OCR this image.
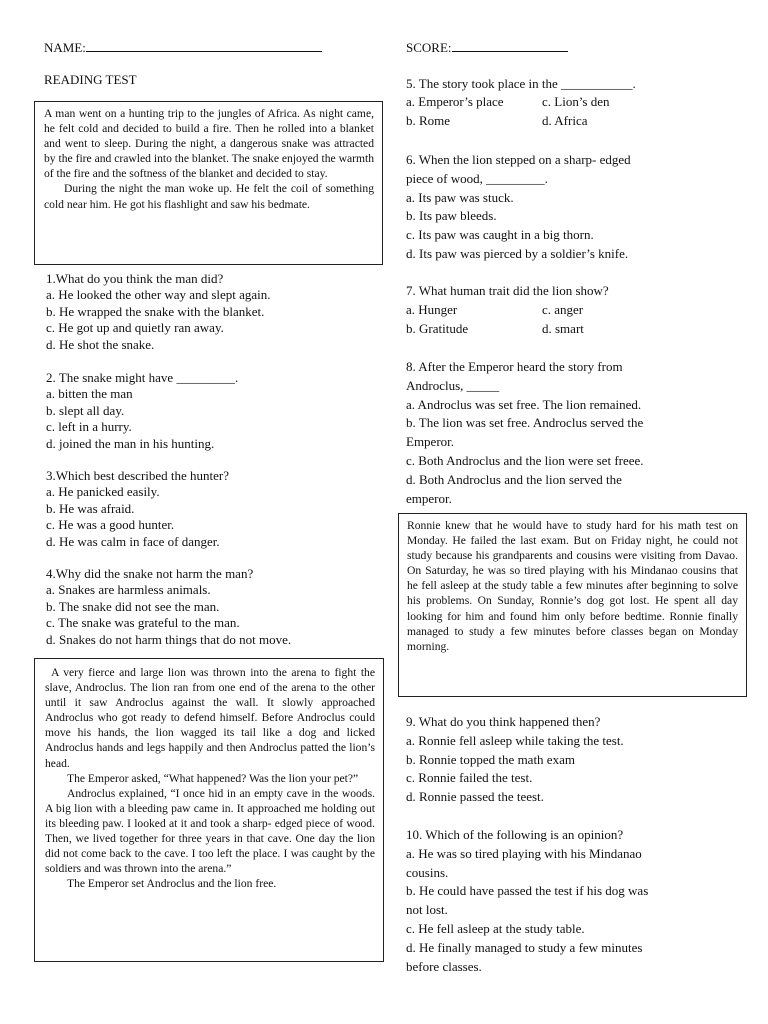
NAME:	SCORE:
READING TEST

A man went on a hunting trip to the jungles of Africa. As night came, he felt cold and decided to build a fire. Then he rolled into a blanket and went to sleep. During the night, a dangerous snake was attracted by the fire and crawled into the blanket. The snake enjoyed the warmth of the fire and the softness of the blanket and decided to stay.

During the night the man woke up. He felt the coil of something cold near him. He got his flashlight and saw his bedmate.

1.What do you think the man did?
a. He looked the other way and slept again.
b. He wrapped the snake with the blanket.
c. He got up and quietly ran away.
d. He shot the snake.
2. The snake might have _________.
a. bitten the man
b. slept all day.
c. left in a hurry.
d. joined the man in his hunting.
3.Which best described the hunter?
a. He panicked easily.
b. He was afraid.
c. He was a good hunter.
d. He was calm in face of danger.
4.Why did the snake not harm the man?
a. Snakes are harmless animals.
b. The snake did not see the man.
c. The snake was grateful to the man.
d. Snakes do not harm things that do not move.

A very fierce and large lion was thrown into the arena to fight the slave, Androclus. The lion ran from one end of the arena to the other until it saw Androclus against the wall. It slowly approached Androclus who got ready to defend himself. Before Androclus could move his hands, the lion wagged its tail like a dog and licked Androclus hands and legs happily and then Androclus patted the lion’s head.

The Emperor asked, “What happened? Was the lion your pet?”

Androclus explained, “I once hid in an empty cave in the woods. A big lion with a bleeding paw came in. It approached me holding out its bleeding paw. I looked at it and took a sharp- edged piece of wood. Then, we lived together for three years in that cave. One day the lion did not come back to the cave. I too left the place. I was caught by the soldiers and was thrown into the arena.”

The Emperor set Androclus and the lion free.

5. The story took place in the ___________.
a. Emperor’s place	c. Lion’s den
b. Rome	d. Africa
6. When the lion stepped on a sharp- edged
piece of wood, _________.
a. Its paw was stuck.
b. Its paw bleeds.
c. Its paw was caught in a big thorn.
d. Its paw was pierced by a soldier’s knife.
7. What human trait did the lion show?
a. Hunger	c. anger
b. Gratitude	d. smart
8. After the Emperor heard the story from
Androclus, _____
a. Androclus was set free. The lion remained.
b. The lion was set free. Androclus served the
Emperor.
c. Both Androclus and the lion were set freee.
d. Both Androclus and the lion served the
emperor.

Ronnie knew that he would have to study hard for his math test on Monday. He failed the last exam. But on Friday night, he could not study because his grandparents and cousins were visiting from Davao. On Saturday, he was so tired playing with his Mindanao cousins that he fell asleep at the study table a few minutes after beginning to solve his problems. On Sunday, Ronnie’s dog got lost. He spent all day looking for him and found him only before bedtime. Ronnie finally managed to study a few minutes before classes began on Monday morning.

9. What do you think happened then?
a. Ronnie fell asleep while taking the test.
b. Ronnie topped the math exam
c. Ronnie failed the test.
d. Ronnie passed the teest.
10. Which of the following is an opinion?
a. He was so tired playing with his Mindanao
cousins.
b. He could have passed the test if his dog was
not lost.
c. He fell asleep at the study table.
d. He finally managed to study a few minutes
before classes.
